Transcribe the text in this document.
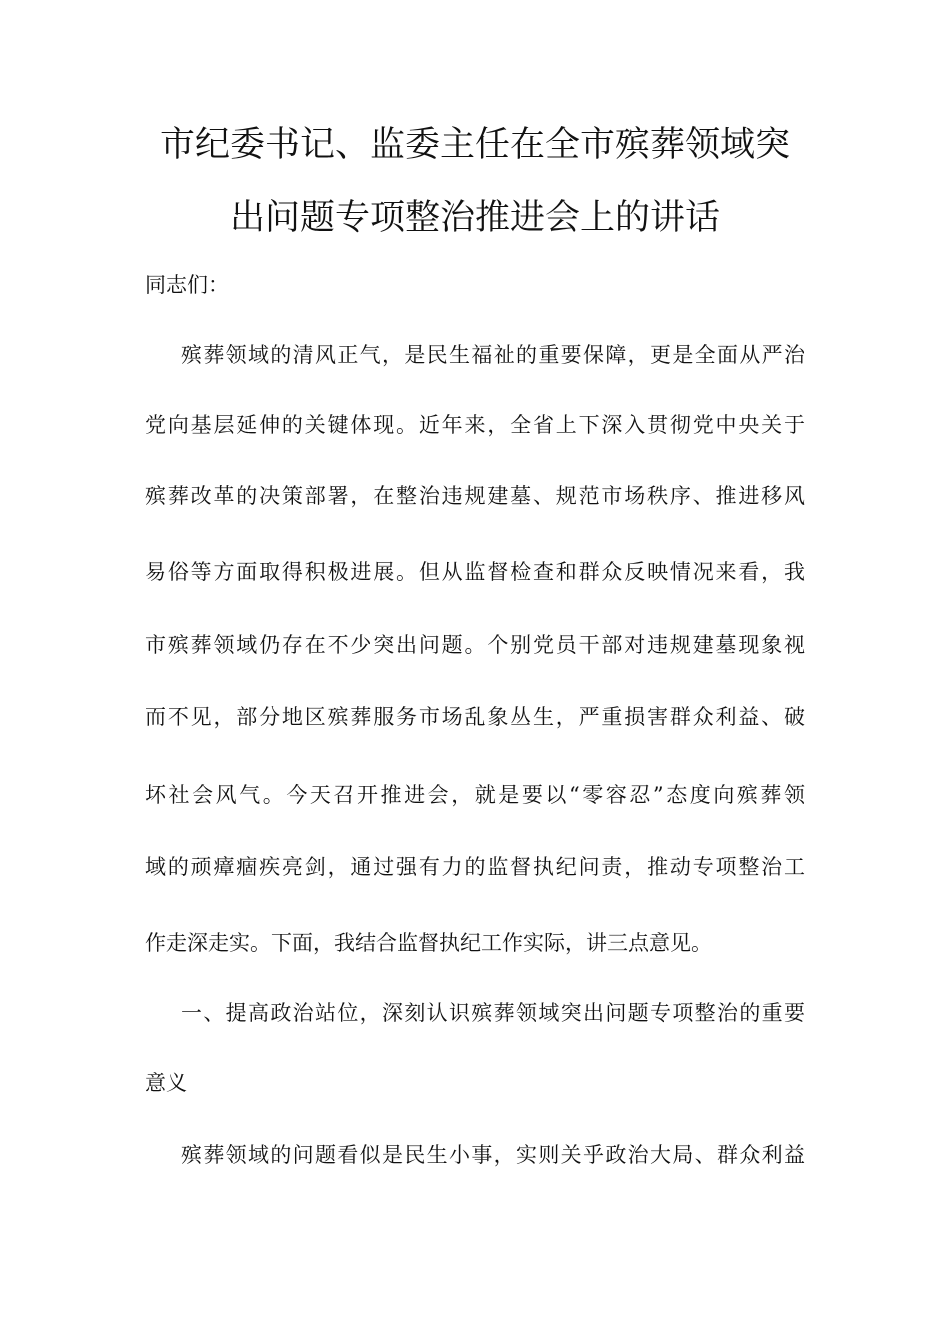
市纪委书记、监委主任在全市殡葬领域突
出问题专项整治推进会上的讲话
同志们：
殡葬领域的清风正气，是民生福祉的重要保障，更是全面从严治
党向基层延伸的关键体现。近年来，全省上下深入贯彻党中央关于
殡葬改革的决策部署，在整治违规建墓、规范市场秩序、推进移风
易俗等方面取得积极进展。但从监督检查和群众反映情况来看，我
市殡葬领域仍存在不少突出问题。个别党员干部对违规建墓现象视
而不见，部分地区殡葬服务市场乱象丛生，严重损害群众利益、破
坏社会风气。今天召开推进会，就是要以“零容忍”态度向殡葬领
域的顽瘴痼疾亮剑，通过强有力的监督执纪问责，推动专项整治工
作走深走实。下面，我结合监督执纪工作实际，讲三点意见。
一、提高政治站位，深刻认识殡葬领域突出问题专项整治的重要
意义
殡葬领域的问题看似是民生小事，实则关乎政治大局、群众利益
